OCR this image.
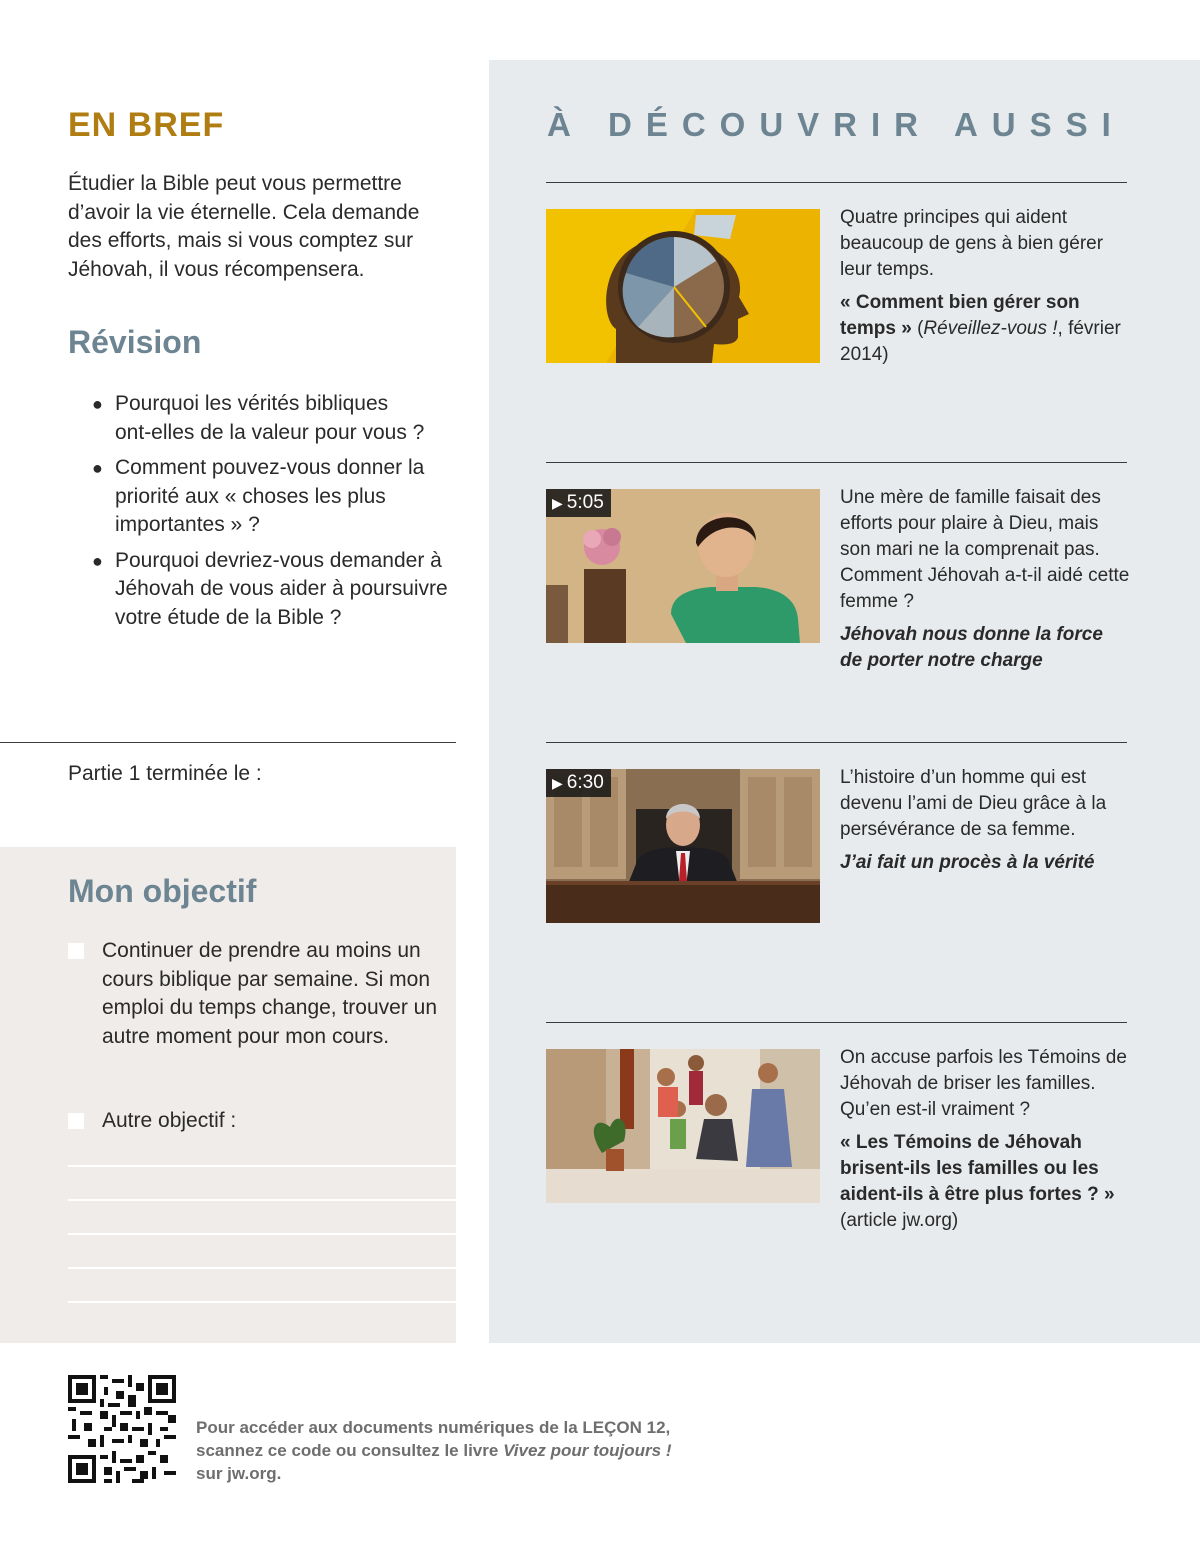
EN BREF

Étudier la Bible peut vous permettre d’avoir la vie éternelle. Cela demande des efforts, mais si vous comptez sur Jéhovah, il vous récompensera.

Révision
● Pourquoi les vérités bibliques ont‑elles de la valeur pour vous ?
● Comment pouvez‑vous donner la priorité aux « choses les plus importantes » ?
● Pourquoi devriez‑vous demander à Jéhovah de vous aider à poursuivre votre étude de la Bible ?
Partie 1 terminée le :
Mon objectif
Continuer de prendre au moins un cours biblique par semaine. Si mon emploi du temps change, trouver un autre moment pour mon cours.
Autre objectif :
À DÉCOUVRIR AUSSI
Quatre principes qui aident beaucoup de gens à bien gérer leur temps.
« Comment bien gérer son temps » (Réveillez‑vous !, février 2014)
▶ 5:05	Une mère de famille faisait des efforts pour plaire à Dieu, mais son mari ne la comprenait pas. Comment Jéhovah a‑t‑il aidé cette femme ?
Jéhovah nous donne la force de porter notre charge
▶ 6:30	L’histoire d’un homme qui est devenu l’ami de Dieu grâce à la persévérance de sa femme.
J’ai fait un procès à la vérité
On accuse parfois les Témoins de Jéhovah de briser les familles. Qu’en est‑il vraiment ?
« Les Témoins de Jéhovah brisent‑ils les familles ou les aident‑ils à être plus fortes ? » (article jw.org)
Pour accéder aux documents numériques de la LEÇON 12,
scannez ce code ou consultez le livre Vivez pour toujours !
sur jw.org.
